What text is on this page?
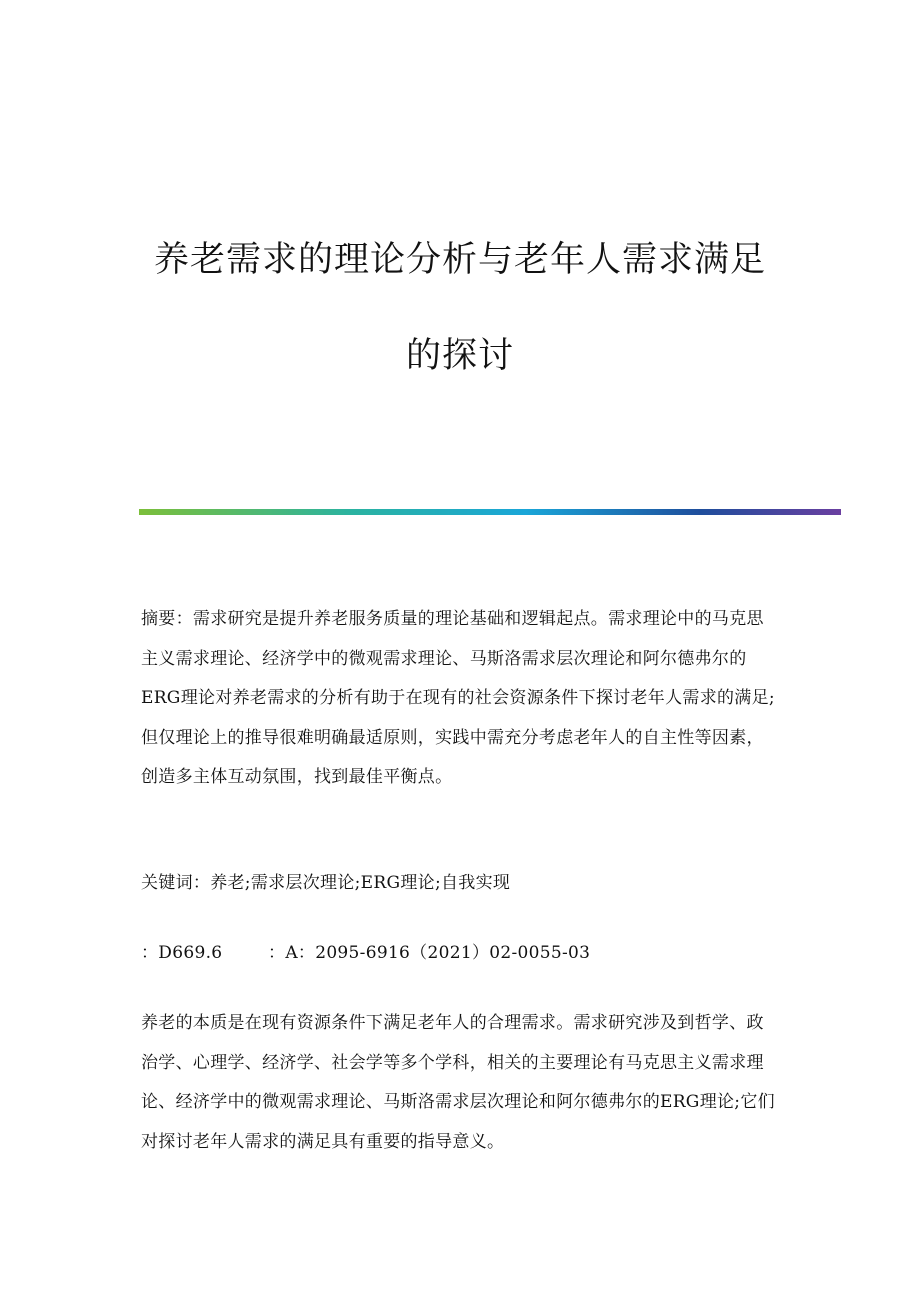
养老需求的理论分析与老年人需求满足
的探讨
摘要：需求研究是提升养老服务质量的理论基础和逻辑起点。需求理论中的马克思主义需求理论、经济学中的微观需求理论、马斯洛需求层次理论和阿尔德弗尔的ERG理论对养老需求的分析有助于在现有的社会资源条件下探讨老年人需求的满足;但仅理论上的推导很难明确最适原则，实践中需充分考虑老年人的自主性等因素，创造多主体互动氛围，找到最佳平衡点。
关键词：养老;需求层次理论;ERG理论;自我实现
：D669.6        ：A：2095-6916（2021）02-0055-03
养老的本质是在现有资源条件下满足老年人的合理需求。需求研究涉及到哲学、政治学、心理学、经济学、社会学等多个学科，相关的主要理论有马克思主义需求理论、经济学中的微观需求理论、马斯洛需求层次理论和阿尔德弗尔的ERG理论;它们对探讨老年人需求的满足具有重要的指导意义。
